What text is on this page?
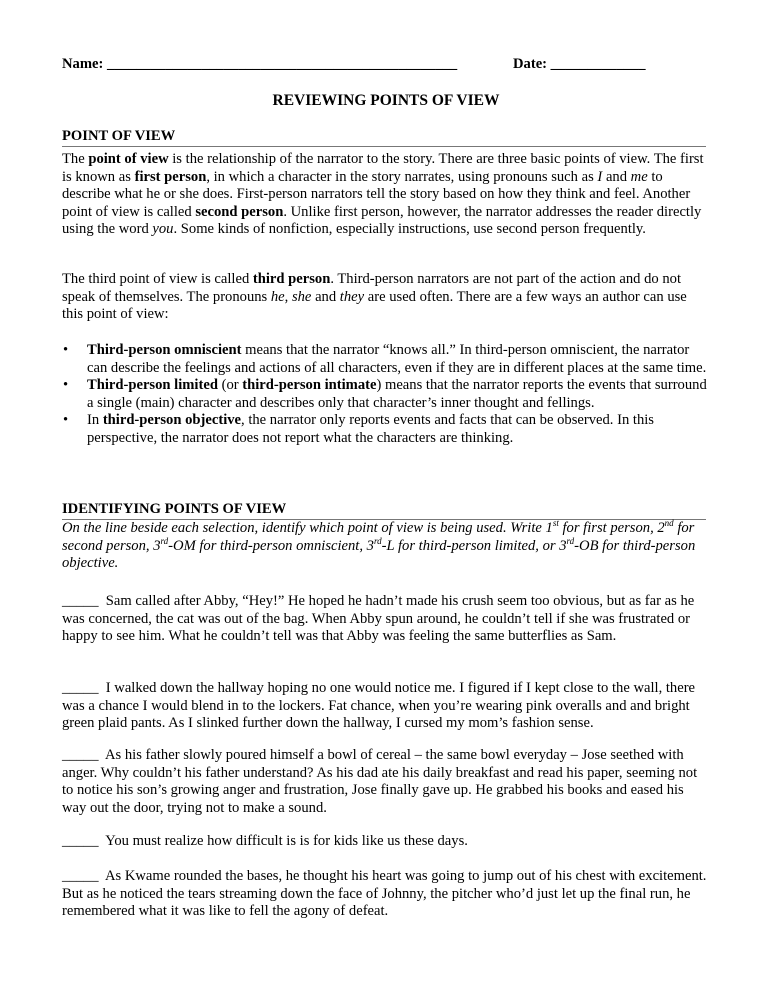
Name: ________________________________________________	Date: _____________
REVIEWING POINTS OF VIEW
POINT OF VIEW

The point of view is the relationship of the narrator to the story. There are three basic points of view. The first is known as first person, in which a character in the story narrates, using pronouns such as I and me to describe what he or she does. First-person narrators tell the story based on how they think and feel. Another point of view is called second person. Unlike first person, however, the narrator addresses the reader directly using the word you. Some kinds of nonfiction, especially instructions, use second person frequently.

The third point of view is called third person. Third-person narrators are not part of the action and do not speak of themselves. The pronouns he, she and they are used often. There are a few ways an author can use this point of view:

• Third-person omniscient means that the narrator “knows all.” In third-person omniscient, the narrator can describe the feelings and actions of all characters, even if they are in different places at the same time.
• Third-person limited (or third-person intimate) means that the narrator reports the events that surround a single (main) character and describes only that character’s inner thought and fellings.
• In third-person objective, the narrator only reports events and facts that can be observed. In this perspective, the narrator does not report what the characters are thinking.
IDENTIFYING POINTS OF VIEW

On the line beside each selection, identify which point of view is being used. Write 1st for first person, 2nd for second person, 3rd-OM for third-person omniscient, 3rd-L for third-person limited, or 3rd-OB for third-person objective.

_____ Sam called after Abby, “Hey!” He hoped he hadn’t made his crush seem too obvious, but as far as he was concerned, the cat was out of the bag. When Abby spun around, he couldn’t tell if she was frustrated or happy to see him. What he couldn’t tell was that Abby was feeling the same butterflies as Sam.

_____ I walked down the hallway hoping no one would notice me. I figured if I kept close to the wall, there was a chance I would blend in to the lockers. Fat chance, when you’re wearing pink overalls and and bright green plaid pants. As I slinked further down the hallway, I cursed my mom’s fashion sense.

_____ As his father slowly poured himself a bowl of cereal – the same bowl everyday – Jose seethed with anger. Why couldn’t his father understand? As his dad ate his daily breakfast and read his paper, seeming not to notice his son’s growing anger and frustration, Jose finally gave up. He grabbed his books and eased his way out the door, trying not to make a sound.

_____ You must realize how difficult is is for kids like us these days.

_____ As Kwame rounded the bases, he thought his heart was going to jump out of his chest with excitement. But as he noticed the tears streaming down the face of Johnny, the pitcher who’d just let up the final run, he remembered what it was like to fell the agony of defeat.
